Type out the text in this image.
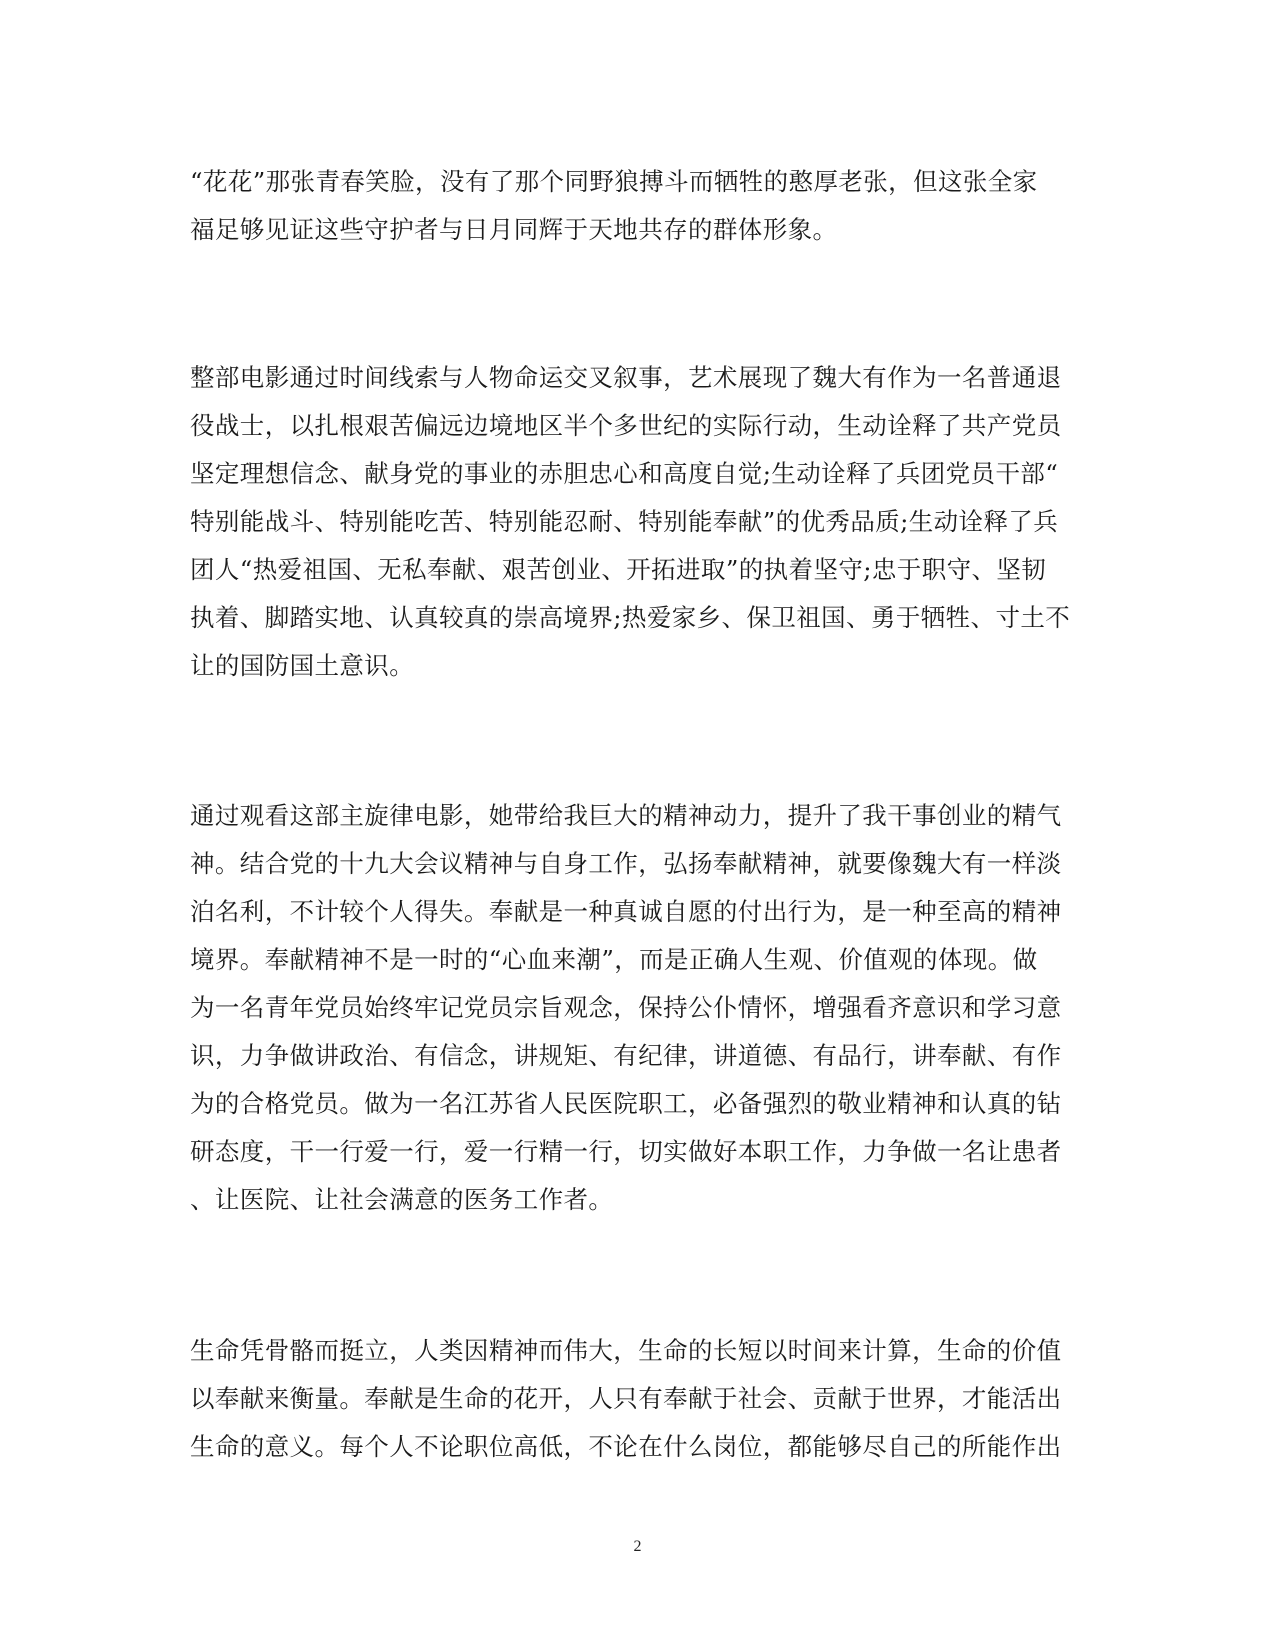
“花花”那张青春笑脸，没有了那个同野狼搏斗而牺牲的憨厚老张，但这张全家
福足够见证这些守护者与日月同辉于天地共存的群体形象。
整部电影通过时间线索与人物命运交叉叙事，艺术展现了魏大有作为一名普通退
役战士，以扎根艰苦偏远边境地区半个多世纪的实际行动，生动诠释了共产党员
坚定理想信念、献身党的事业的赤胆忠心和高度自觉;生动诠释了兵团党员干部“
特别能战斗、特别能吃苦、特别能忍耐、特别能奉献”的优秀品质;生动诠释了兵
团人“热爱祖国、无私奉献、艰苦创业、开拓进取”的执着坚守;忠于职守、坚韧
执着、脚踏实地、认真较真的崇高境界;热爱家乡、保卫祖国、勇于牺牲、寸土不
让的国防国土意识。
通过观看这部主旋律电影，她带给我巨大的精神动力，提升了我干事创业的精气
神。结合党的十九大会议精神与自身工作，弘扬奉献精神，就要像魏大有一样淡
泊名利，不计较个人得失。奉献是一种真诚自愿的付出行为，是一种至高的精神
境界。奉献精神不是一时的“心血来潮”，而是正确人生观、价值观的体现。做
为一名青年党员始终牢记党员宗旨观念，保持公仆情怀，增强看齐意识和学习意
识，力争做讲政治、有信念，讲规矩、有纪律，讲道德、有品行，讲奉献、有作
为的合格党员。做为一名江苏省人民医院职工，必备强烈的敬业精神和认真的钻
研态度，干一行爱一行，爱一行精一行，切实做好本职工作，力争做一名让患者
、让医院、让社会满意的医务工作者。
生命凭骨骼而挺立，人类因精神而伟大，生命的长短以时间来计算，生命的价值
以奉献来衡量。奉献是生命的花开，人只有奉献于社会、贡献于世界，才能活出
生命的意义。每个人不论职位高低，不论在什么岗位，都能够尽自己的所能作出
2
